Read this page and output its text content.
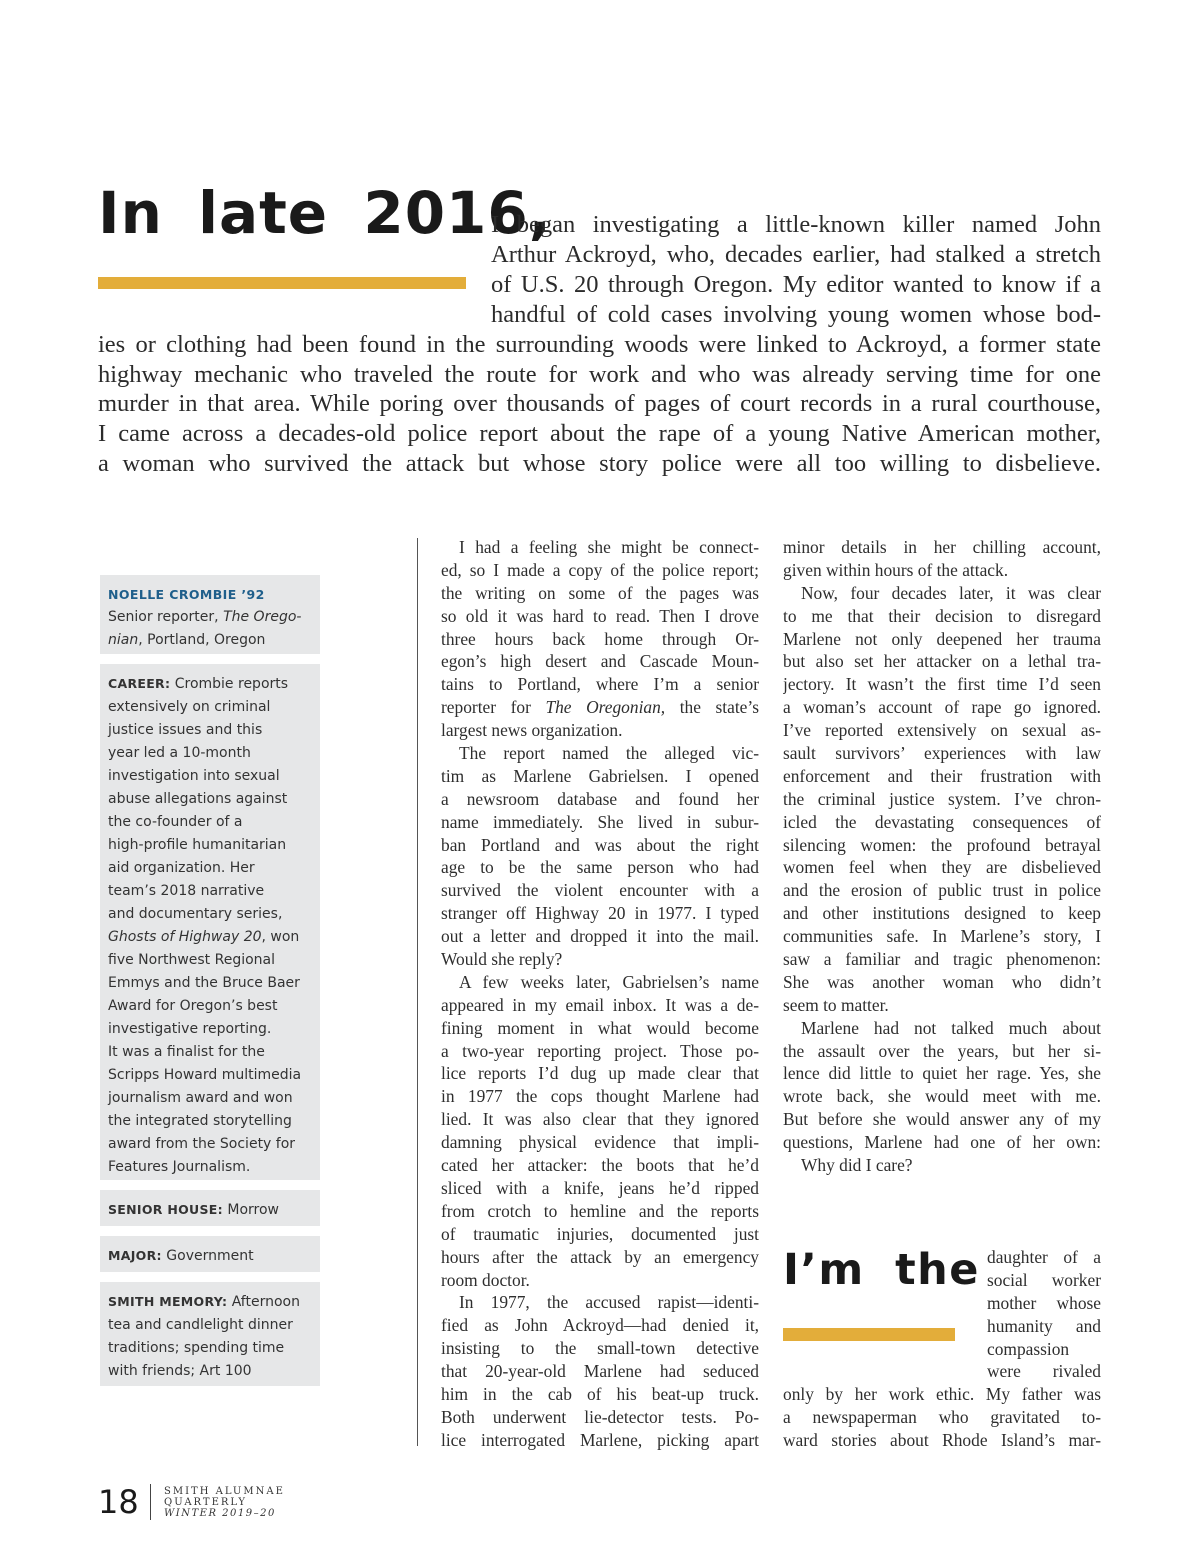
In late 2016,
I began investigating a little-known killer named John
Arthur Ackroyd, who, decades earlier, had stalked a stretch
of U.S. 20 through Oregon. My editor wanted to know if a
handful of cold cases involving young women whose bod-
ies or clothing had been found in the surrounding woods were linked to Ackroyd, a former state
highway mechanic who traveled the route for work and who was already serving time for one
murder in that area. While poring over thousands of pages of court records in a rural courthouse,
I came across a decades-old police report about the rape of a young Native American mother,
a woman who survived the attack but whose story police were all too willing to disbelieve.
NOELLE CROMBIE ’92
Senior reporter, The Orego-
nian, Portland, Oregon
CAREER: Crombie reports
extensively on criminal
justice issues and this
year led a 10-month
investigation into sexual
abuse allegations against
the co-founder of a
high-profile humanitarian
aid organization. Her
team’s 2018 narrative
and documentary series,
Ghosts of Highway 20, won
five Northwest Regional
Emmys and the Bruce Baer
Award for Oregon’s best
investigative reporting.
It was a finalist for the
Scripps Howard multimedia
journalism award and won
the integrated storytelling
award from the Society for
Features Journalism.
SENIOR HOUSE: Morrow
MAJOR: Government
SMITH MEMORY: Afternoon
tea and candlelight dinner
traditions; spending time
with friends; Art 100
I had a feeling she might be connect-
ed, so I made a copy of the police report;
the writing on some of the pages was
so old it was hard to read. Then I drove
three hours back home through Or-
egon’s high desert and Cascade Moun-
tains to Portland, where I’m a senior
reporter for The Oregonian, the state’s
largest news organization.
The report named the alleged vic-
tim as Marlene Gabrielsen. I opened
a newsroom database and found her
name immediately. She lived in subur-
ban Portland and was about the right
age to be the same person who had
survived the violent encounter with a
stranger off Highway 20 in 1977. I typed
out a letter and dropped it into the mail.
Would she reply?
A few weeks later, Gabrielsen’s name
appeared in my email inbox. It was a de-
fining moment in what would become
a two-year reporting project. Those po-
lice reports I’d dug up made clear that
in 1977 the cops thought Marlene had
lied. It was also clear that they ignored
damning physical evidence that impli-
cated her attacker: the boots that he’d
sliced with a knife, jeans he’d ripped
from crotch to hemline and the reports
of traumatic injuries, documented just
hours after the attack by an emergency
room doctor.
In 1977, the accused rapist—identi-
fied as John Ackroyd—had denied it,
insisting to the small-town detective
that 20-year-old Marlene had seduced
him in the cab of his beat-up truck.
Both underwent lie-detector tests. Po-
lice interrogated Marlene, picking apart
minor details in her chilling account,
given within hours of the attack.
Now, four decades later, it was clear
to me that their decision to disregard
Marlene not only deepened her trauma
but also set her attacker on a lethal tra-
jectory. It wasn’t the first time I’d seen
a woman’s account of rape go ignored.
I’ve reported extensively on sexual as-
sault survivors’ experiences with law
enforcement and their frustration with
the criminal justice system. I’ve chron-
icled the devastating consequences of
silencing women: the profound betrayal
women feel when they are disbelieved
and the erosion of public trust in police
and other institutions designed to keep
communities safe. In Marlene’s story, I
saw a familiar and tragic phenomenon:
She was another woman who didn’t
seem to matter.
Marlene had not talked much about
the assault over the years, but her si-
lence did little to quiet her rage. Yes, she
wrote back, she would meet with me.
But before she would answer any of my
questions, Marlene had one of her own:
Why did I care?
I’m the daughter of a
social worker
mother whose
humanity and
compassion
were rivaled
only by her work ethic. My father was
a newspaperman who gravitated to-
ward stories about Rhode Island’s mar-
18	SMITH ALUMNAE
QUARTERLY
WINTER 2019–20
